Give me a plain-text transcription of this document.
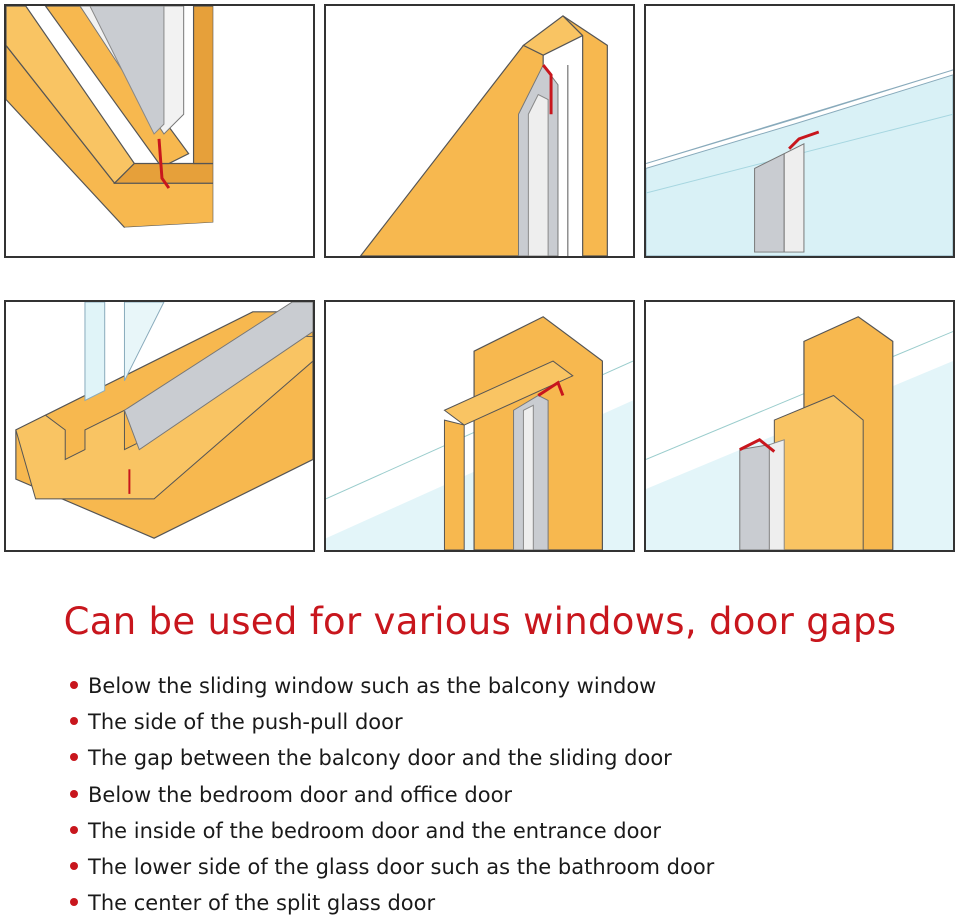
Can be used for various windows, door gaps
Below the sliding window such as the balcony window
The side of the push-pull door
The gap between the balcony door and the sliding door
Below the bedroom door and office door
The inside of the bedroom door and the entrance door
The lower side of the glass door such as the bathroom door
The center of the split glass door
